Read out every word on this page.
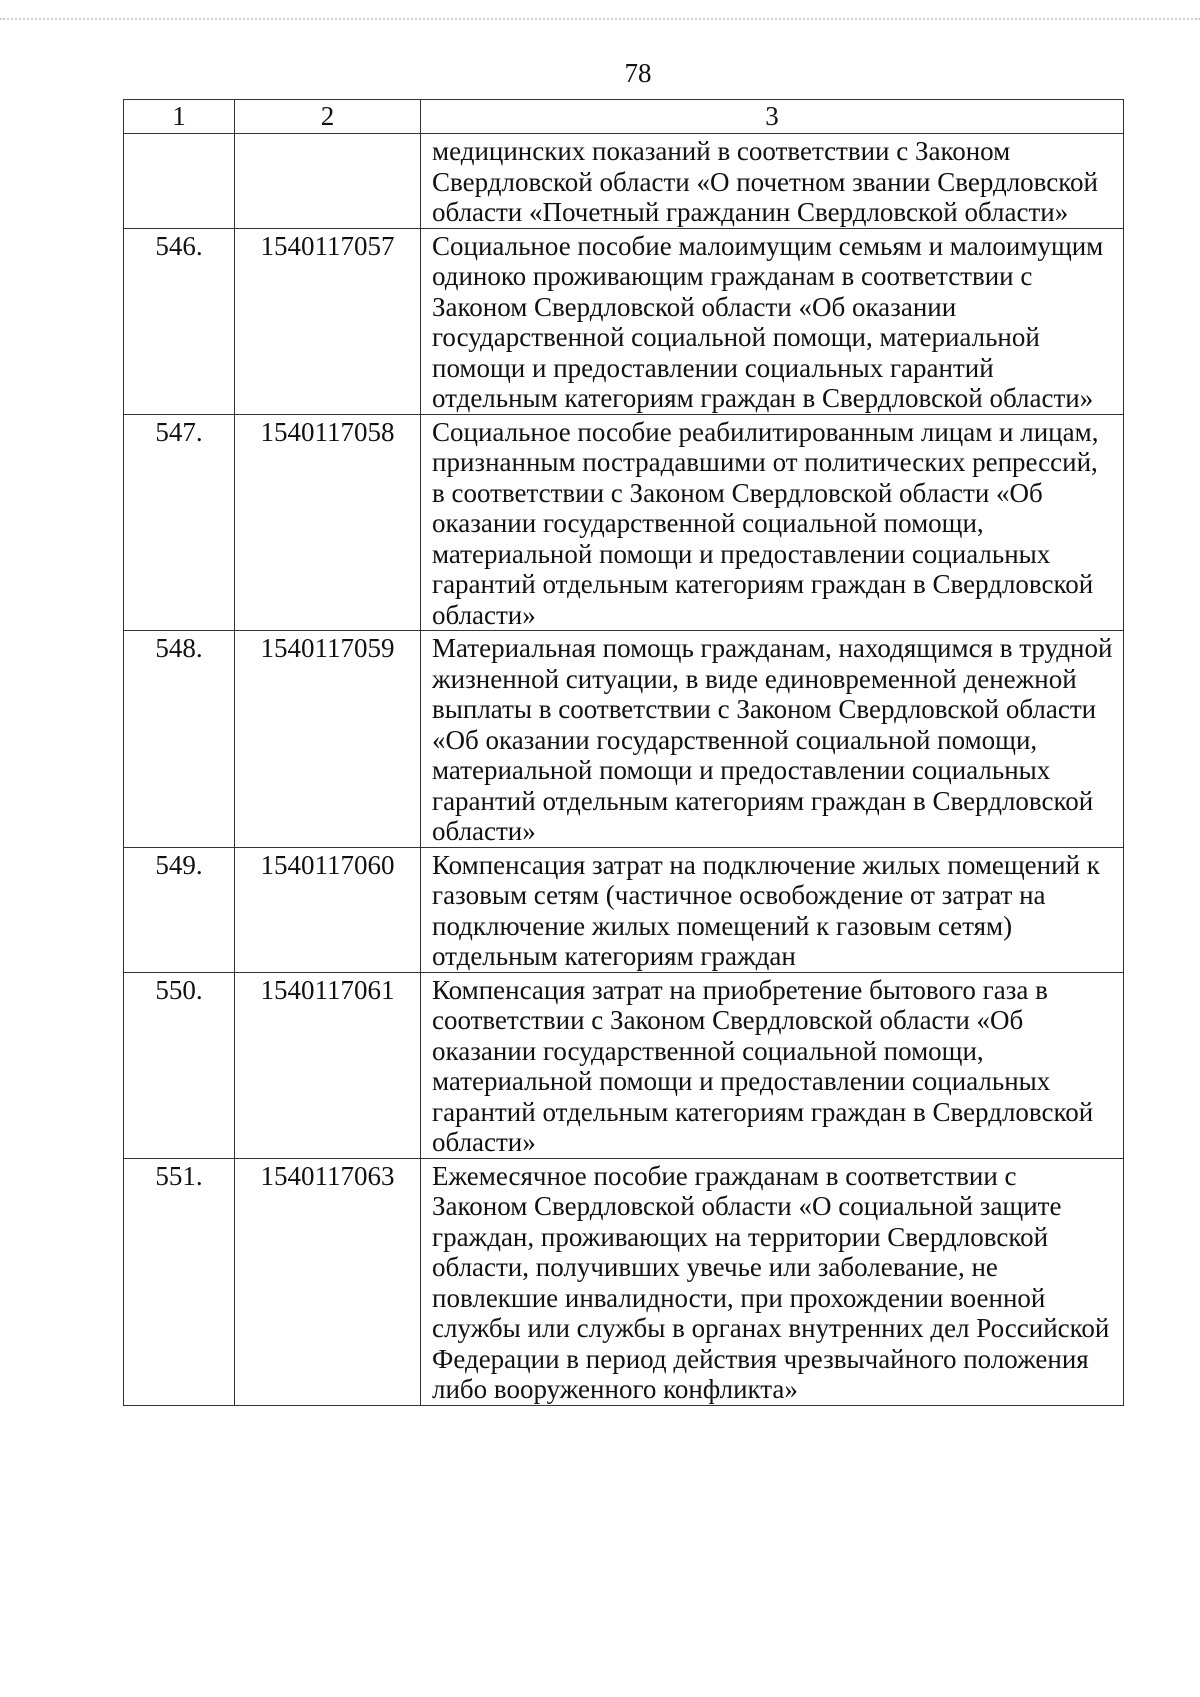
78
1	2	3
		медицинских показаний в соответствии с Законом Свердловской области «О почетном звании Свердловской области «Почетный гражданин Свердловской области»
546.	1540117057	Социальное пособие малоимущим семьям и малоимущим одиноко проживающим гражданам в соответствии с Законом Свердловской области «Об оказании государственной социальной помощи, материальной помощи и предоставлении социальных гарантий отдельным категориям граждан в Свердловской области»
547.	1540117058	Социальное пособие реабилитированным лицам и лицам, признанным пострадавшими от политических репрессий, в соответствии с Законом Свердловской области «Об оказании государственной социальной помощи, материальной помощи и предоставлении социальных гарантий отдельным категориям граждан в Свердловской области»
548.	1540117059	Материальная помощь гражданам, находящимся в трудной жизненной ситуации, в виде единовременной денежной выплаты в соответствии с Законом Свердловской области «Об оказании государственной социальной помощи, материальной помощи и предоставлении социальных гарантий отдельным категориям граждан в Свердловской области»
549.	1540117060	Компенсация затрат на подключение жилых помещений к газовым сетям (частичное освобождение от затрат на подключение жилых помещений к газовым сетям) отдельным категориям граждан
550.	1540117061	Компенсация затрат на приобретение бытового газа в соответствии с Законом Свердловской области «Об оказании государственной социальной помощи, материальной помощи и предоставлении социальных гарантий отдельным категориям граждан в Свердловской области»
551.	1540117063	Ежемесячное пособие гражданам в соответствии с Законом Свердловской области «О социальной защите граждан, проживающих на территории Свердловской области, получивших увечье или заболевание, не повлекшие инвалидности, при прохождении военной службы или службы в органах внутренних дел Российской Федерации в период действия чрезвычайного положения либо вооруженного конфликта»
